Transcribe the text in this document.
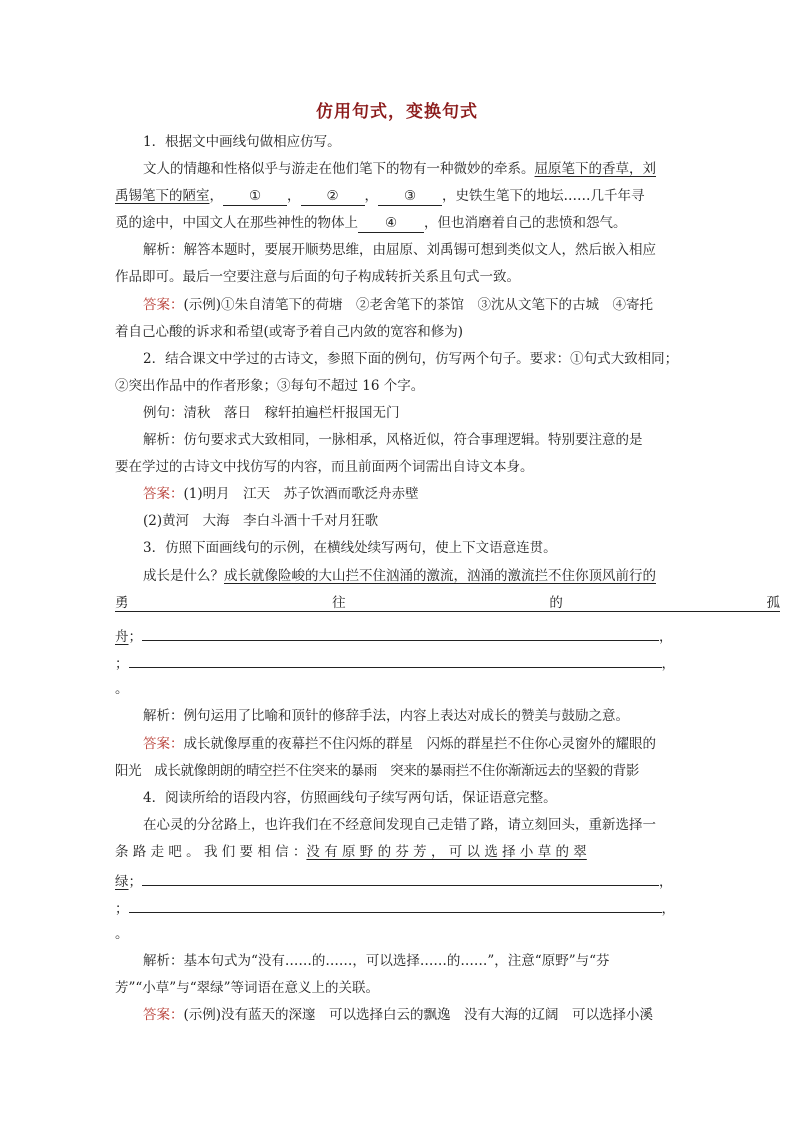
仿用句式，变换句式
1．根据文中画线句做相应仿写。
文人的情趣和性格似乎与游走在他们笔下的物有一种微妙的牵系。屈原笔下的香草，刘
禹锡笔下的陋室， ① ， ② ， ③ ，史铁生笔下的地坛……几千年寻
觅的途中，中国文人在那些神性的物体上 ④ ，但也消磨着自己的悲愤和怨气。
解析：解答本题时，要展开顺势思维，由屈原、刘禹锡可想到类似文人，然后嵌入相应
作品即可。最后一空要注意与后面的句子构成转折关系且句式一致。
答案：(示例)①朱自清笔下的荷塘　②老舍笔下的茶馆　③沈从文笔下的古城　④寄托
着自己心酸的诉求和希望(或寄予着自己内敛的宽容和修为)
2．结合课文中学过的古诗文，参照下面的例句，仿写两个句子。要求：①句式大致相同；
②突出作品中的作者形象；③每句不超过 16 个字。
例句：清秋　落日　稼轩拍遍栏杆报国无门
解析：仿句要求式大致相同，一脉相承，风格近似，符合事理逻辑。特别要注意的是
要在学过的古诗文中找仿写的内容，而且前面两个词需出自诗文本身。
答案：(1)明月　江天　苏子饮酒而歌泛舟赤壁
(2)黄河　大海　李白斗酒十千对月狂歌
3．仿照下面画线句的示例，在横线处续写两句，使上下文语意连贯。
成长是什么？成长就像险峻的大山拦不住汹涌的激流，汹涌的激流拦不住你顶风前行的
勇	往	的	孤
舟；	，
；	，
。
解析：例句运用了比喻和顶针的修辞手法，内容上表达对成长的赞美与鼓励之意。
答案：成长就像厚重的夜幕拦不住闪烁的群星　闪烁的群星拦不住你心灵窗外的耀眼的
阳光　成长就像朗朗的晴空拦不住突来的暴雨　突来的暴雨拦不住你渐渐远去的坚毅的背影
4．阅读所给的语段内容，仿照画线句子续写两句话，保证语意完整。
在心灵的分岔路上，也许我们在不经意间发现自己走错了路，请立刻回头，重新选择一
条 路 走 吧 。 我 们 要 相 信 ：没 有 原 野 的 芬 芳 ， 可 以 选 择 小 草 的 翠
绿；	，
；	，
。
解析：基本句式为“没有……的……，可以选择……的……”，注意“原野”与“芬
芳”“小草”与“翠绿”等词语在意义上的关联。
答案：(示例)没有蓝天的深邃　可以选择白云的飘逸　没有大海的辽阔　可以选择小溪
